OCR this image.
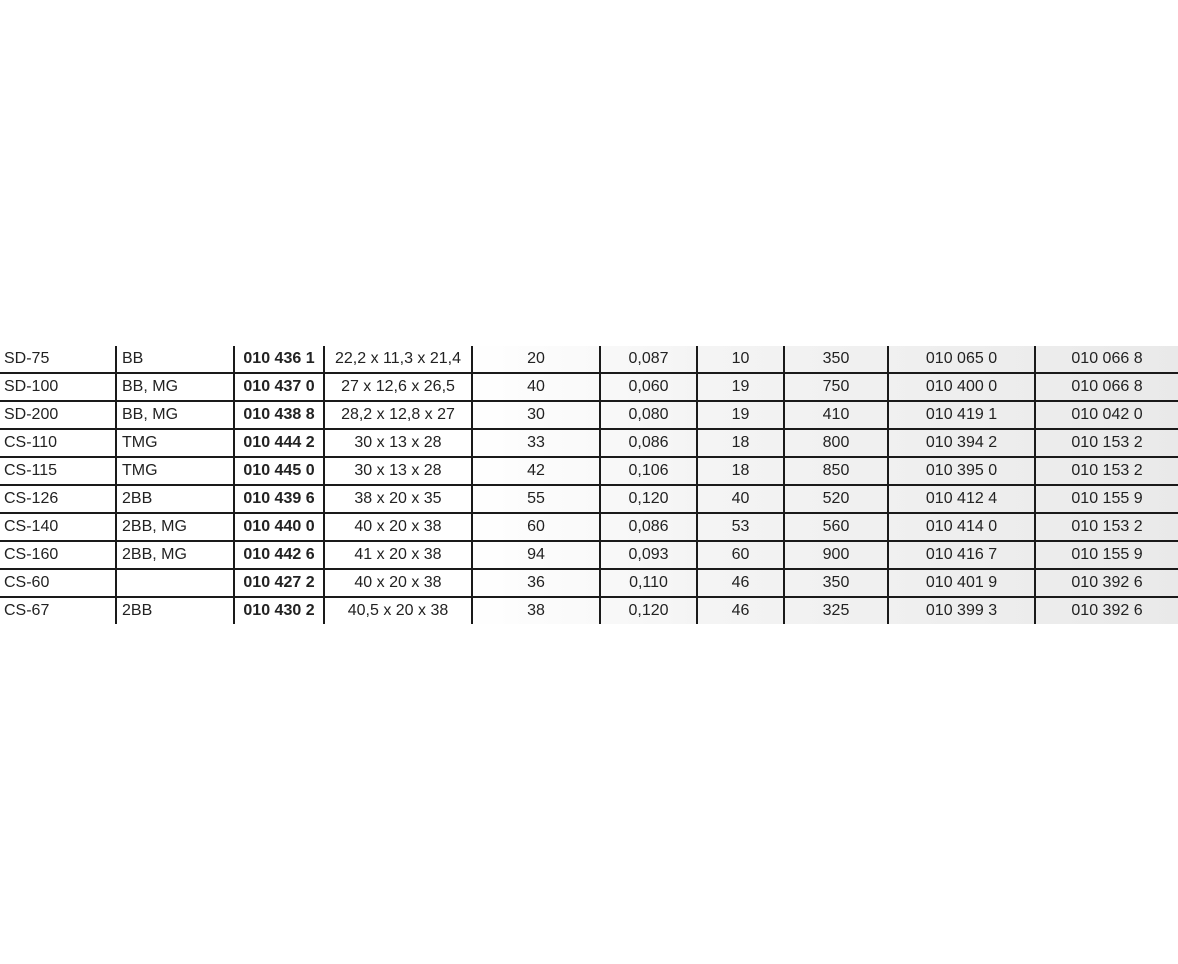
SD-75	BB	010 436 1	22,2 x 11,3 x 21,4	20	0,087	10	350	010 065 0	010 066 8
SD-100	BB, MG	010 437 0	27 x 12,6 x 26,5	40	0,060	19	750	010 400 0	010 066 8
SD-200	BB, MG	010 438 8	28,2 x 12,8 x 27	30	0,080	19	410	010 419 1	010 042 0
CS-110	TMG	010 444 2	30 x 13 x 28	33	0,086	18	800	010 394 2	010 153 2
CS-115	TMG	010 445 0	30 x 13 x 28	42	0,106	18	850	010 395 0	010 153 2
CS-126	2BB	010 439 6	38 x 20 x 35	55	0,120	40	520	010 412 4	010 155 9
CS-140	2BB, MG	010 440 0	40 x 20 x 38	60	0,086	53	560	010 414 0	010 153 2
CS-160	2BB, MG	010 442 6	41 x 20 x 38	94	0,093	60	900	010 416 7	010 155 9
CS-60		010 427 2	40 x 20 x 38	36	0,110	46	350	010 401 9	010 392 6
CS-67	2BB	010 430 2	40,5 x 20 x 38	38	0,120	46	325	010 399 3	010 392 6
